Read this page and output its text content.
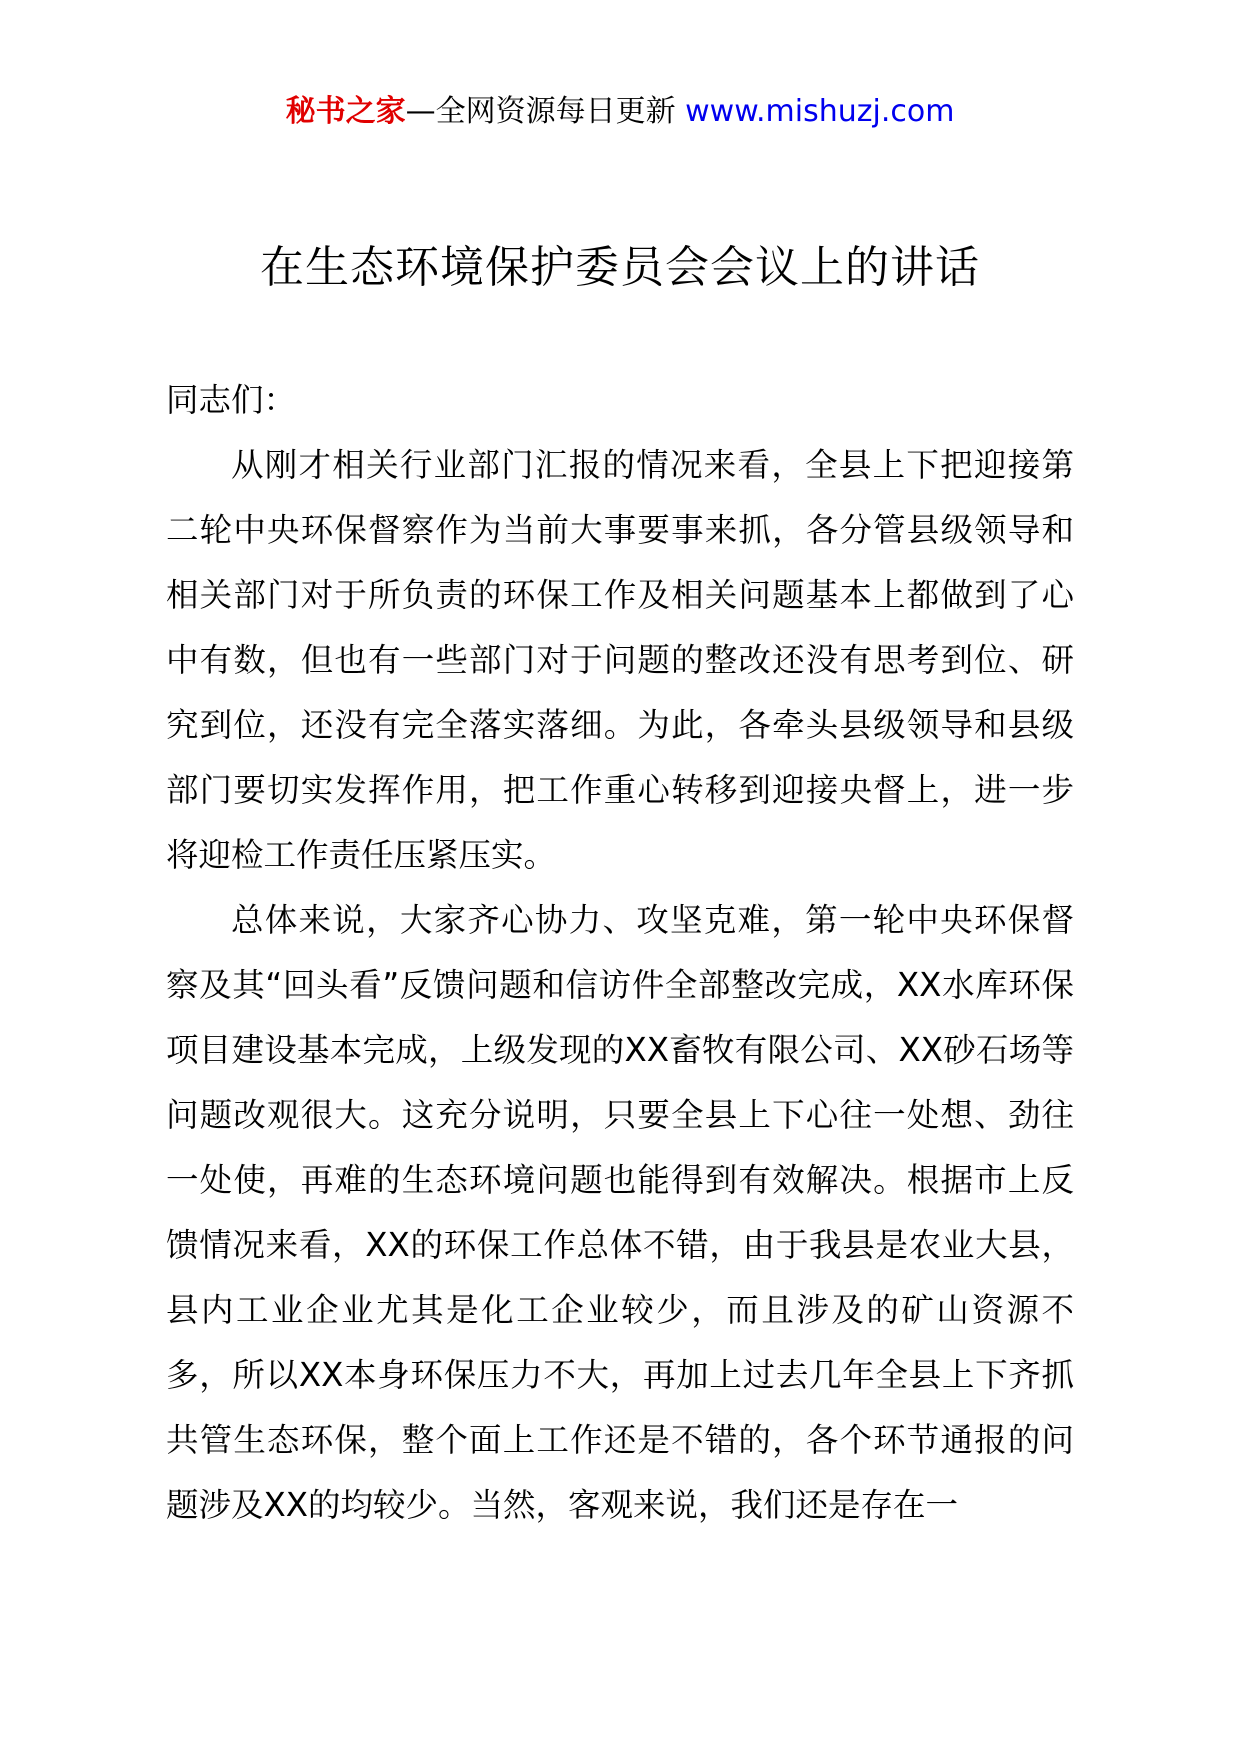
秘书之家—全网资源每日更新 www.mishuzj.com
在生态环境保护委员会会议上的讲话

同志们：

从刚才相关行业部门汇报的情况来看，全县上下把迎接第二轮中央环保督察作为当前大事要事来抓，各分管县级领导和相关部门对于所负责的环保工作及相关问题基本上都做到了心中有数，但也有一些部门对于问题的整改还没有思考到位、研究到位，还没有完全落实落细。为此，各牵头县级领导和县级部门要切实发挥作用，把工作重心转移到迎接央督上，进一步将迎检工作责任压紧压实。

总体来说，大家齐心协力、攻坚克难，第一轮中央环保督察及其“回头看”反馈问题和信访件全部整改完成，XX水库环保项目建设基本完成，上级发现的XX畜牧有限公司、XX砂石场等问题改观很大。这充分说明，只要全县上下心往一处想、劲往一处使，再难的生态环境问题也能得到有效解决。根据市上反馈情况来看，XX的环保工作总体不错，由于我县是农业大县，县内工业企业尤其是化工企业较少，而且涉及的矿山资源不多，所以XX本身环保压力不大，再加上过去几年全县上下齐抓共管生态环保，整个面上工作还是不错的，各个环节通报的问题涉及XX的均较少。当然，客观来说，我们还是存在一
